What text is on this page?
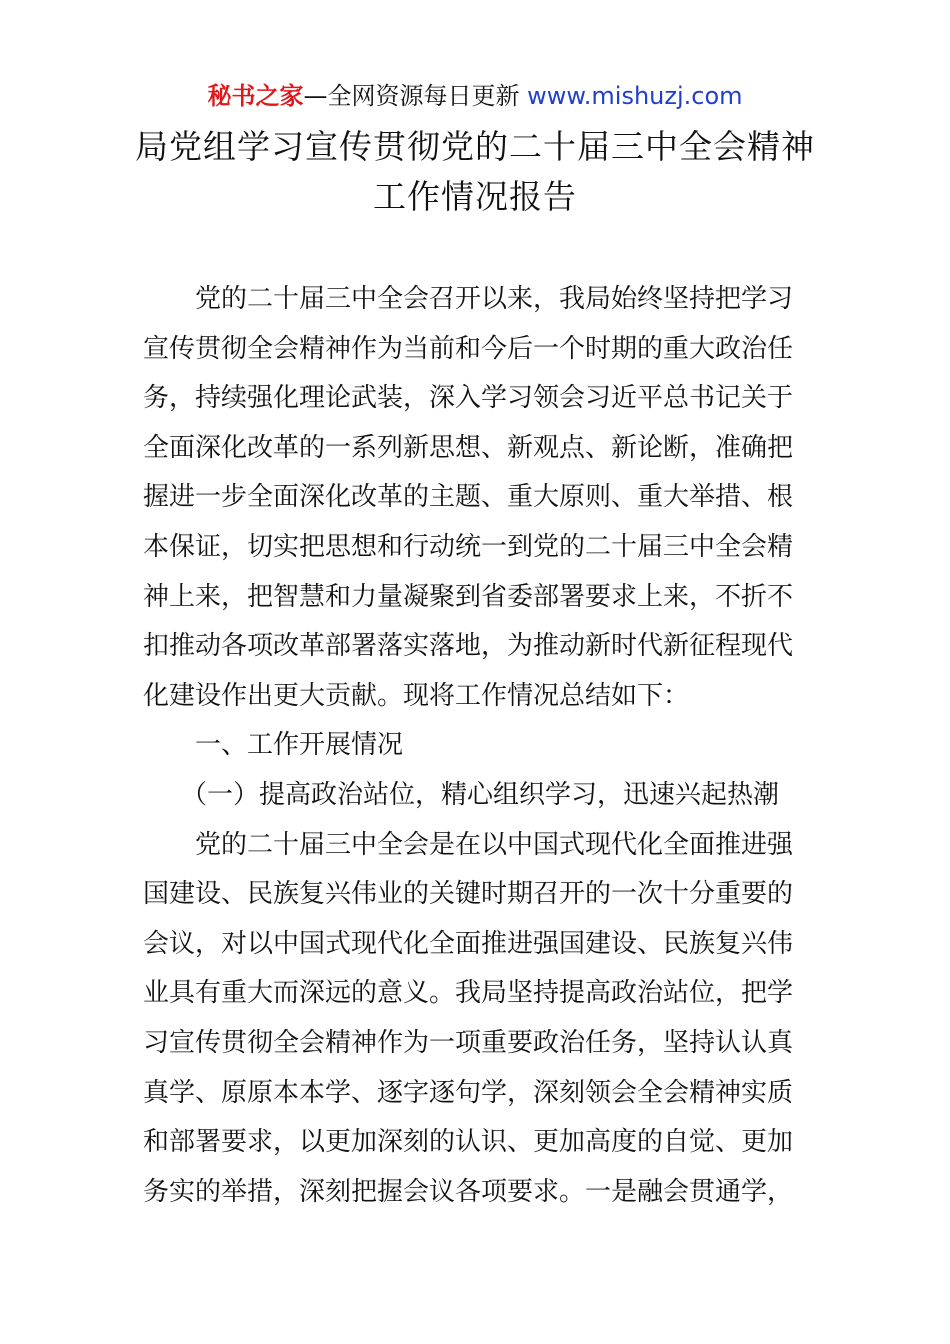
秘书之家—全网资源每日更新 www.mishuzj.com
局党组学习宣传贯彻党的二十届三中全会精神
工作情况报告
党的二十届三中全会召开以来，我局始终坚持把学习
宣传贯彻全会精神作为当前和今后一个时期的重大政治任
务，持续强化理论武装，深入学习领会习近平总书记关于
全面深化改革的一系列新思想、新观点、新论断，准确把
握进一步全面深化改革的主题、重大原则、重大举措、根
本保证，切实把思想和行动统一到党的二十届三中全会精
神上来，把智慧和力量凝聚到省委部署要求上来，不折不
扣推动各项改革部署落实落地，为推动新时代新征程现代
化建设作出更大贡献。现将工作情况总结如下：
一、工作开展情况
（一）提高政治站位，精心组织学习，迅速兴起热潮
党的二十届三中全会是在以中国式现代化全面推进强
国建设、民族复兴伟业的关键时期召开的一次十分重要的
会议，对以中国式现代化全面推进强国建设、民族复兴伟
业具有重大而深远的意义。我局坚持提高政治站位，把学
习宣传贯彻全会精神作为一项重要政治任务，坚持认认真
真学、原原本本学、逐字逐句学，深刻领会全会精神实质
和部署要求，以更加深刻的认识、更加高度的自觉、更加
务实的举措，深刻把握会议各项要求。一是融会贯通学，
